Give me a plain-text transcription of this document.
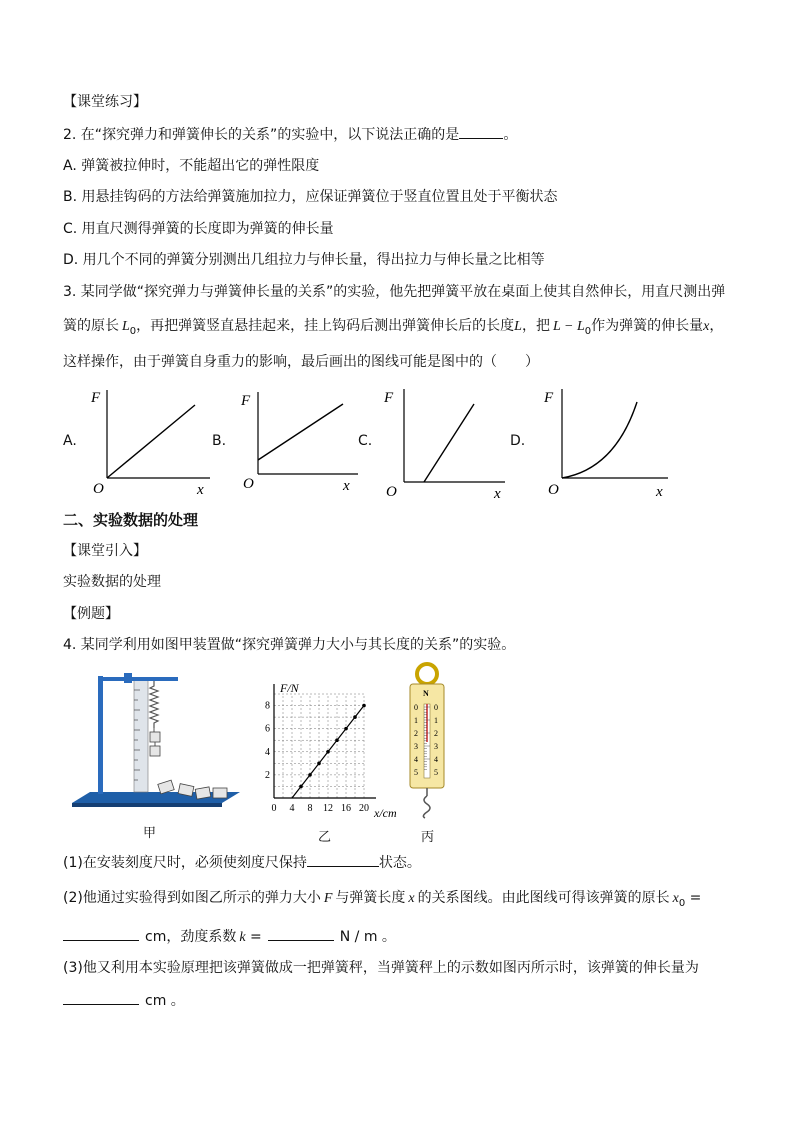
【课堂练习】
2. 在“探究弹力和弹簧伸长的关系”的实验中，以下说法正确的是	。
A. 弹簧被拉伸时，不能超出它的弹性限度
B. 用悬挂钩码的方法给弹簧施加拉力，应保证弹簧位于竖直位置且处于平衡状态
C. 用直尺测得弹簧的长度即为弹簧的伸长量
D. 用几个不同的弹簧分别测出几组拉力与伸长量，得出拉力与伸长量之比相等
3. 某同学做“探究弹力与弹簧伸长量的关系”的实验，他先把弹簧平放在桌面上使其自然伸长，用直尺测出弹
簧的原长 $L_0$，再把弹簧竖直悬挂起来，挂上钩码后测出弹簧伸长后的长度L，把 $L - L_0$作为弹簧的伸长量x，
这样操作，由于弹簧自身重力的影响，最后画出的图线可能是图中的（　　）
A.
F
O	x
B.
F
O	x
C.
F
O	x
D.
F
O	x
二、实验数据的处理
【课堂引入】
实验数据的处理
【例题】
4. 某同学利用如图甲装置做“探究弹簧弹力大小与其长度的关系”的实验。
甲
0 4 8 12 16 20
2
4
6
8
F/N
x/cm
乙
N
0 0
1 1
2 2
3 3
4 4
5 5
丙
(1)在安装刻度尺时，必须使刻度尺保持	状态。
(2)他通过实验得到如图乙所示的弹力大小 F 与弹簧长度 x 的关系图线。由此图线可得该弹簧的原长 $x_0$ =
cm，劲度系数 k =	N / m 。
(3)他又利用本实验原理把该弹簧做成一把弹簧秤，当弹簧秤上的示数如图丙所示时，该弹簧的伸长量为
cm 。
